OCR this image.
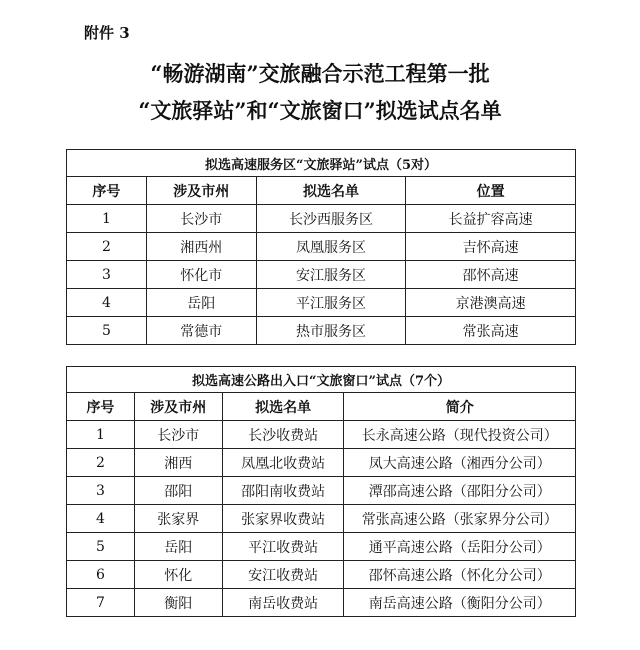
附件 3
“畅游湖南”交旅融合示范工程第一批
“文旅驿站”和“文旅窗口”拟选试点名单
拟选高速服务区“文旅驿站”试点（5对）			
序号	涉及市州	拟选名单	位置
1	长沙市	长沙西服务区	长益扩容高速
2	湘西州	凤凰服务区	吉怀高速
3	怀化市	安江服务区	邵怀高速
4	岳阳	平江服务区	京港澳高速
5	常德市	热市服务区	常张高速
拟选高速公路出入口“文旅窗口”试点（7个）			
序号	涉及市州	拟选名单	简介
1	长沙市	长沙收费站	长永高速公路（现代投资公司）
2	湘西	凤凰北收费站	凤大高速公路（湘西分公司）
3	邵阳	邵阳南收费站	潭邵高速公路（邵阳分公司）
4	张家界	张家界收费站	常张高速公路（张家界分公司）
5	岳阳	平江收费站	通平高速公路（岳阳分公司）
6	怀化	安江收费站	邵怀高速公路（怀化分公司）
7	衡阳	南岳收费站	南岳高速公路（衡阳分公司）
